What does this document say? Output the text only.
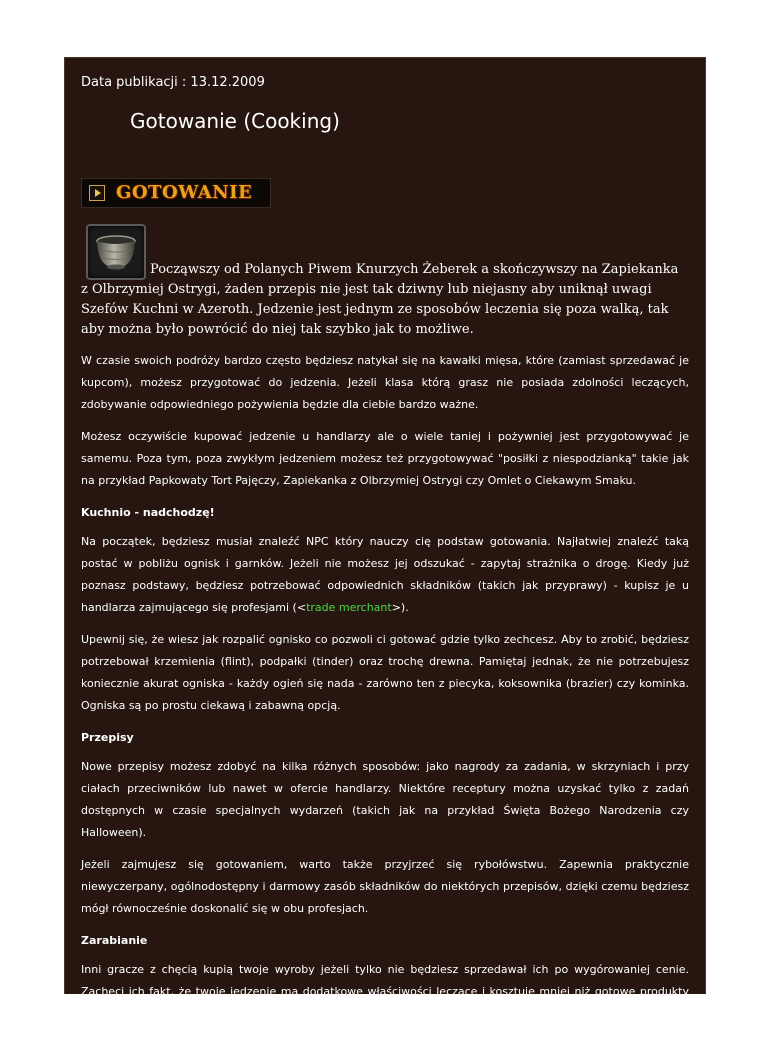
Data publikacji : 13.12.2009

Gotowanie (Cooking)
GOTOWANIE
Począwszy od Polanych Piwem Knurzych Żeberek a skończywszy na Zapiekanka z Olbrzymiej Ostrygi, żaden przepis nie jest tak dziwny lub niejasny aby uniknął uwagi Szefów Kuchni w Azeroth. Jedzenie jest jednym ze sposobów leczenia się poza walką, tak aby można było powrócić do niej tak szybko jak to możliwe.

W czasie swoich podróży bardzo często będziesz natykał się na kawałki mięsa, które (zamiast sprzedawać je kupcom), możesz przygotować do jedzenia. Jeżeli klasa którą grasz nie posiada zdolności leczących, zdobywanie odpowiedniego pożywienia będzie dla ciebie bardzo ważne.

Możesz oczywiście kupować jedzenie u handlarzy ale o wiele taniej i pożywniej jest przygotowywać je samemu. Poza tym, poza zwykłym jedzeniem możesz też przygotowywać "posiłki z niespodzianką" takie jak na przykład Papkowaty Tort Pajęczy, Zapiekanka z Olbrzymiej Ostrygi czy Omlet o Ciekawym Smaku.

Kuchnio - nadchodzę!

Na początek, będziesz musiał znaleźć NPC który nauczy cię podstaw gotowania. Najłatwiej znaleźć taką postać w pobliżu ognisk i garnków. Jeżeli nie możesz jej odszukać - zapytaj strażnika o drogę. Kiedy już poznasz podstawy, będziesz potrzebować odpowiednich składników (takich jak przyprawy) - kupisz je u handlarza zajmującego się profesjami (<trade merchant>).

Upewnij się, że wiesz jak rozpalić ognisko co pozwoli ci gotować gdzie tylko zechcesz. Aby to zrobić, będziesz potrzebował krzemienia (flint), podpałki (tinder) oraz trochę drewna. Pamiętaj jednak, że nie potrzebujesz koniecznie akurat ogniska - każdy ogień się nada - zarówno ten z piecyka, koksownika (brazier) czy kominka. Ogniska są po prostu ciekawą i zabawną opcją.

Przepisy

Nowe przepisy możesz zdobyć na kilka różnych sposobów: jako nagrody za zadania, w skrzyniach i przy ciałach przeciwników lub nawet w ofercie handlarzy. Niektóre receptury można uzyskać tylko z zadań dostępnych w czasie specjalnych wydarzeń (takich jak na przykład Święta Bożego Narodzenia czy Halloween).

Jeżeli zajmujesz się gotowaniem, warto także przyjrzeć się rybołówstwu. Zapewnia praktycznie niewyczerpany, ogólnodostępny i darmowy zasób składników do niektórych przepisów, dzięki czemu będziesz mógł równocześnie doskonalić się w obu profesjach.

Zarabianie

Inni gracze z chęcią kupią twoje wyroby jeżeli tylko nie będziesz sprzedawał ich po wygórowaniej cenie. Zachęci ich fakt, że twoje jedzenie ma dodatkowe właściwości leczące i kosztuje mniej niż gotowe produkty dostępne w karczmach i tawernach.

Dodatkowe informacje
